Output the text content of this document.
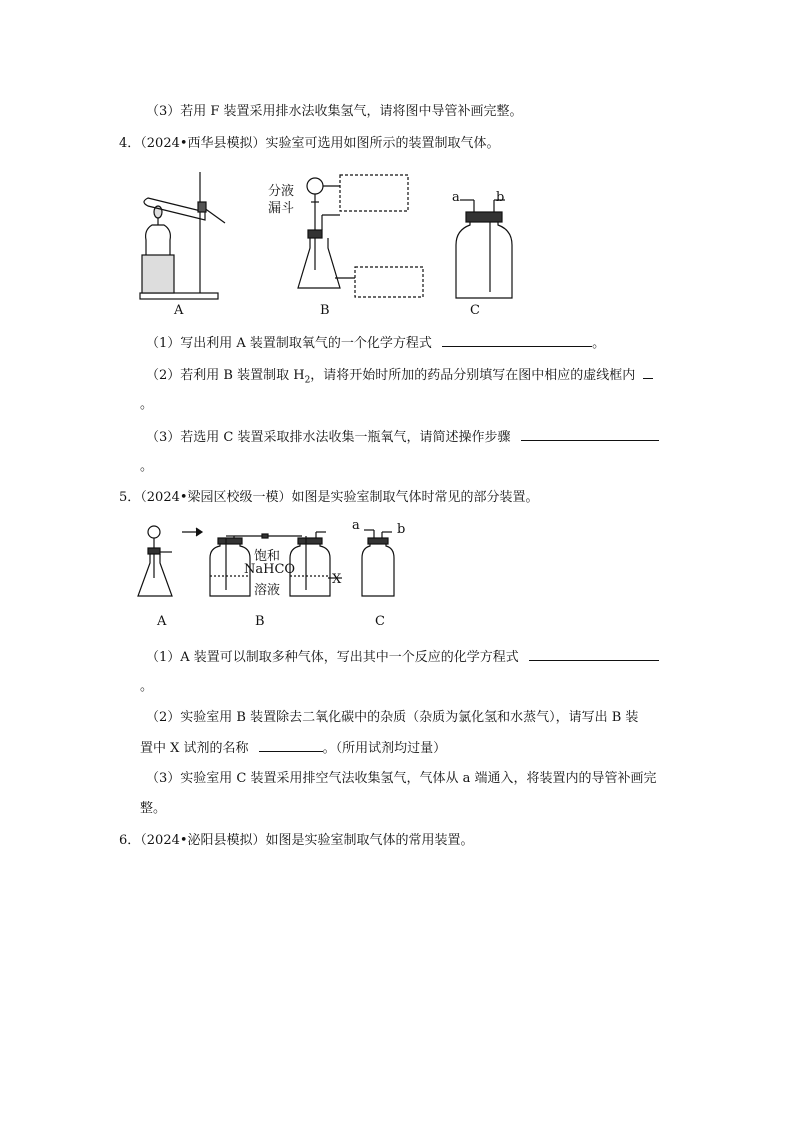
（3）若用 F 装置采用排水法收集氢气，请将图中导管补画完整。
4．（2024•西华县模拟）实验室可选用如图所示的装置制取气体。
分液
漏斗
a	b
A	B	C
（1）写出利用 A 装置制取氧气的一个化学方程式	。
（2）若利用 B 装置制取 $H_2$，请将开始时所加的药品分别填写在图中相应的虚线框内
。
（3）若选用 C 装置采取排水法收集一瓶氧气，请简述操作步骤
。
5．（2024•梁园区校级一模）如图是实验室制取气体时常见的部分装置。
饱和
NaHCO
溶液
X
a	b
A	B	C
（1）A 装置可以制取多种气体，写出其中一个反应的化学方程式
。
（2）实验室用 B 装置除去二氧化碳中的杂质（杂质为氯化氢和水蒸气），请写出 B 装
置中 X 试剂的名称	。（所用试剂均过量）
（3）实验室用 C 装置采用排空气法收集氢气，气体从 a 端通入，将装置内的导管补画完
整。
6．（2024•泌阳县模拟）如图是实验室制取气体的常用装置。
